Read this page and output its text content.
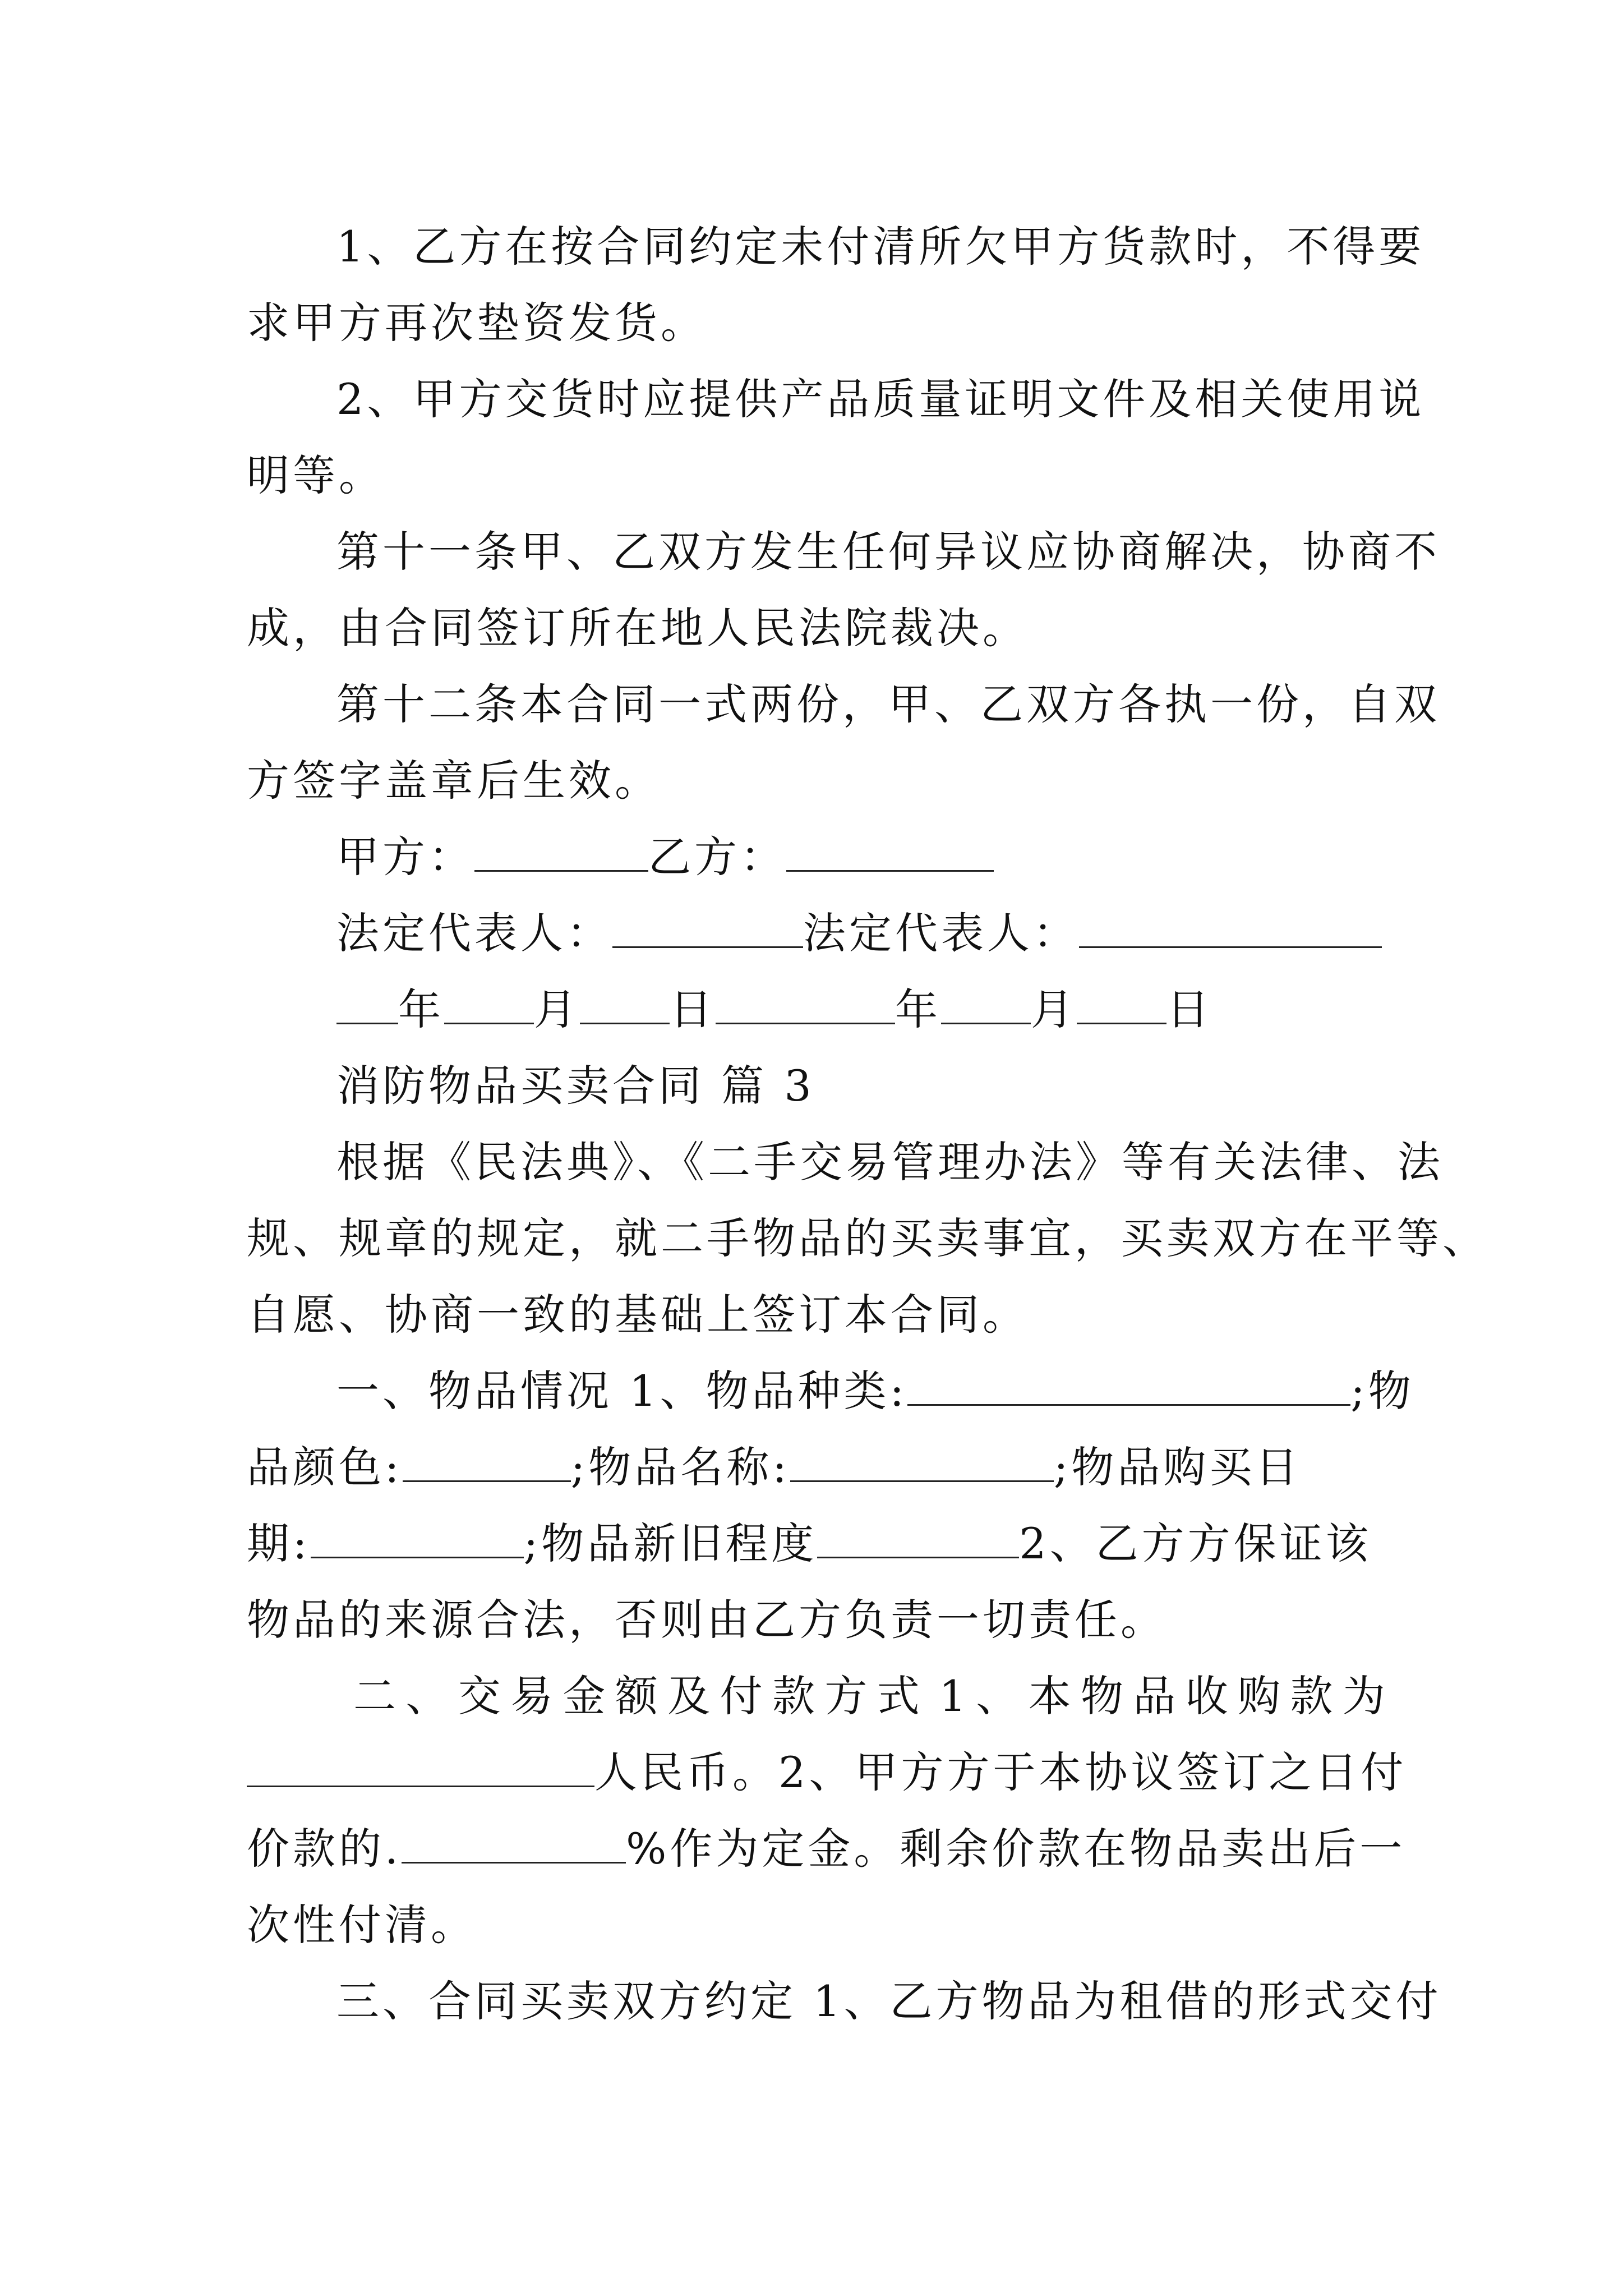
1、乙方在按合同约定未付清所欠甲方货款时，不得要
求甲方再次垫资发货。
2、甲方交货时应提供产品质量证明文件及相关使用说
明等。
第十一条甲、乙双方发生任何异议应协商解决，协商不
成，由合同签订所在地人民法院裁决。
第十二条本合同一式两份，甲、乙双方各执一份，自双
方签字盖章后生效。
甲方：	乙方：
法定代表人：	法定代表人：
年 月 日	年 月 日
消防物品买卖合同 篇 3
根据《民法典》、《二手交易管理办法》等有关法律、法
规、规章的规定，就二手物品的买卖事宜，买卖双方在平等、
自愿、协商一致的基础上签订本合同。
一、物品情况 1、物品种类:	;物
品颜色:	;物品名称:	;物品购买日
期:	;物品新旧程度	2、乙方方保证该
物品的来源合法，否则由乙方负责一切责任。
二 、 交 易 金 额 及 付 款 方 式 1 、 本 物 品 收 购 款 为
人民币。2、甲方方于本协议签订之日付
价款的.	%作为定金。剩余价款在物品卖出后一
次性付清。
三、合同买卖双方约定 1、乙方物品为租借的形式交付
